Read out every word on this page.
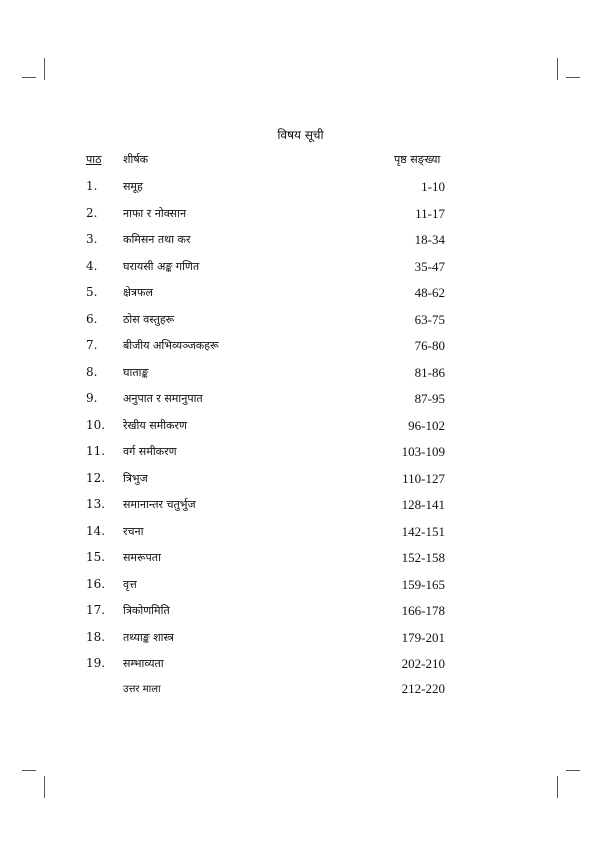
विषय सूची
पाठ शीर्षक	पृष्ठ सङ्ख्या
1. समूह	1-10
2. नाफा र नोक्सान	11-17
3. कमिसन तथा कर	18-34
4. घरायसी अङ्क गणित	35-47
5. क्षेत्रफल	48-62
6. ठोस वस्तुहरू	63-75
7. बीजीय अभिव्यञ्जकहरू	76-80
8. घाताङ्क	81-86
9. अनुपात र समानुपात	87-95
10. रेखीय समीकरण	96-102
11. वर्ग समीकरण	103-109
12. त्रिभुज	110-127
13. समानान्तर चतुर्भुज	128-141
14. रचना	142-151
15. समरूपता	152-158
16. वृत्त	159-165
17. त्रिकोणमिति	166-178
18. तथ्याङ्क शास्त्र	179-201
19. सम्भाव्यता	202-210
उत्तर माला	212-220
